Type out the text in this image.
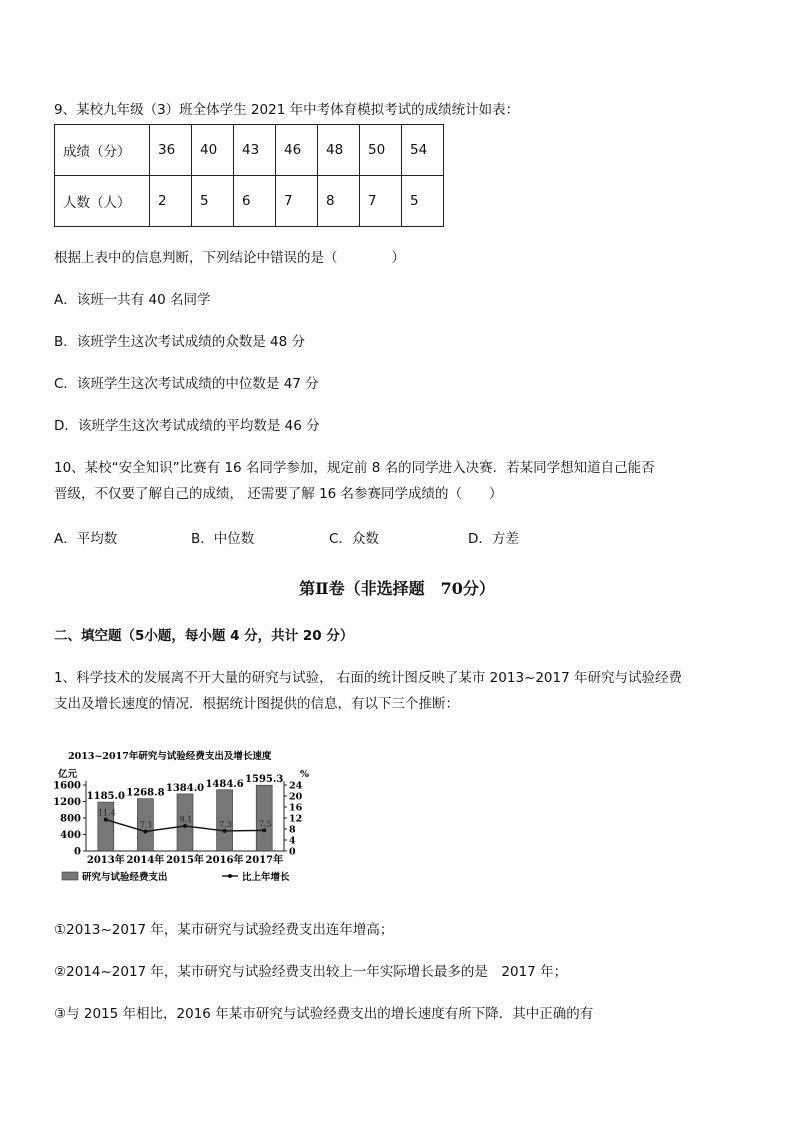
9、某校九年级（3）班全体学生 2021 年中考体育模拟考试的成绩统计如表：
成绩（分）	36	40	43	46	48	50	54
人数（人）	2	5	6	7	8	7	5
根据上表中的信息判断，下列结论中错误的是（　　　　）
A．该班一共有 40 名同学
B．该班学生这次考试成绩的众数是 48 分
C．该班学生这次考试成绩的中位数是 47 分
D．该班学生这次考试成绩的平均数是 46 分
10、某校“安全知识”比赛有 16 名同学参加，规定前 8 名的同学进入决赛．若某同学想知道自己能否
晋级，不仅要了解自己的成绩， 还需要了解 16 名参赛同学成绩的（　　）
A．平均数	B．中位数	C．众数	D．方差
第Ⅱ卷（非选择题　70分）
二、填空题（5小题，每小题 4 分，共计 20 分）
1、科学技术的发展离不开大量的研究与试验， 右面的统计图反映了某市 2013~2017 年研究与试验经费
支出及增长速度的情况．根据统计图提供的信息，有以下三个推断：
2013~2017年研究与试验经费支出及增长速度
亿元	%
0
400
800
1200
1600
0
4
8
12
16
20
24
1185.0
2013年
1268.8
2014年
1384.0
2015年
1484.6
2016年
1595.3
2017年
11.4
7.1
9.1
7.3	7.5
研究与试验经费支出	比上年增长
①2013~2017 年，某市研究与试验经费支出连年增高；
②2014~2017 年，某市研究与试验经费支出较上一年实际增长最多的是　2017 年；
③与 2015 年相比，2016 年某市研究与试验经费支出的增长速度有所下降．其中正确的有
